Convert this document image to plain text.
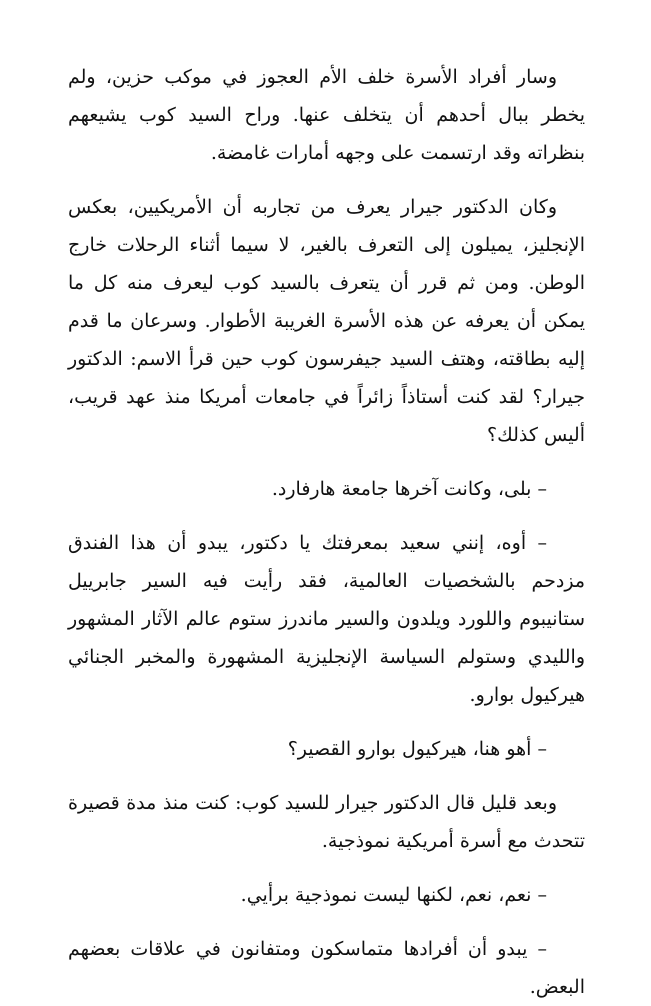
وسار أفراد الأسرة خلف الأم العجوز في موكب حزين، ولم يخطر ببال أحدهم أن يتخلف عنها. وراح السيد كوب يشيعهم بنظراته وقد ارتسمت على وجهه أمارات غامضة.

وكان الدكتور جيرار يعرف من تجاربه أن الأمريكيين، بعكس الإنجليز، يميلون إلى التعرف بالغير، لا سيما أثناء الرحلات خارج الوطن. ومن ثم قرر أن يتعرف بالسيد كوب ليعرف منه كل ما يمكن أن يعرفه عن هذه الأسرة الغريبة الأطوار. وسرعان ما قدم إليه بطاقته، وهتف السيد جيفرسون كوب حين قرأ الاسم: الدكتور جيرار؟ لقد كنت أستاذاً زائراً في جامعات أمريكا منذ عهد قريب، أليس كذلك؟

– بلى، وكانت آخرها جامعة هارفارد.

– أوه، إنني سعيد بمعرفتك يا دكتور، يبدو أن هذا الفندق مزدحم بالشخصيات العالمية، فقد رأيت فيه السير جابرييل ستانيبوم واللورد ويلدون والسير ماندرز ستوم عالم الآثار المشهور والليدي وستولم السياسة الإنجليزية المشهورة والمخبر الجنائي هيركيول بوارو.

– أهو هنا، هيركيول بوارو القصير؟

وبعد قليل قال الدكتور جيرار للسيد كوب: كنت منذ مدة قصيرة تتحدث مع أسرة أمريكية نموذجية.

– نعم، نعم، لكنها ليست نموذجية برأيي.

– يبدو أن أفرادها متماسكون ومتفانون في علاقات بعضهم البعض.
